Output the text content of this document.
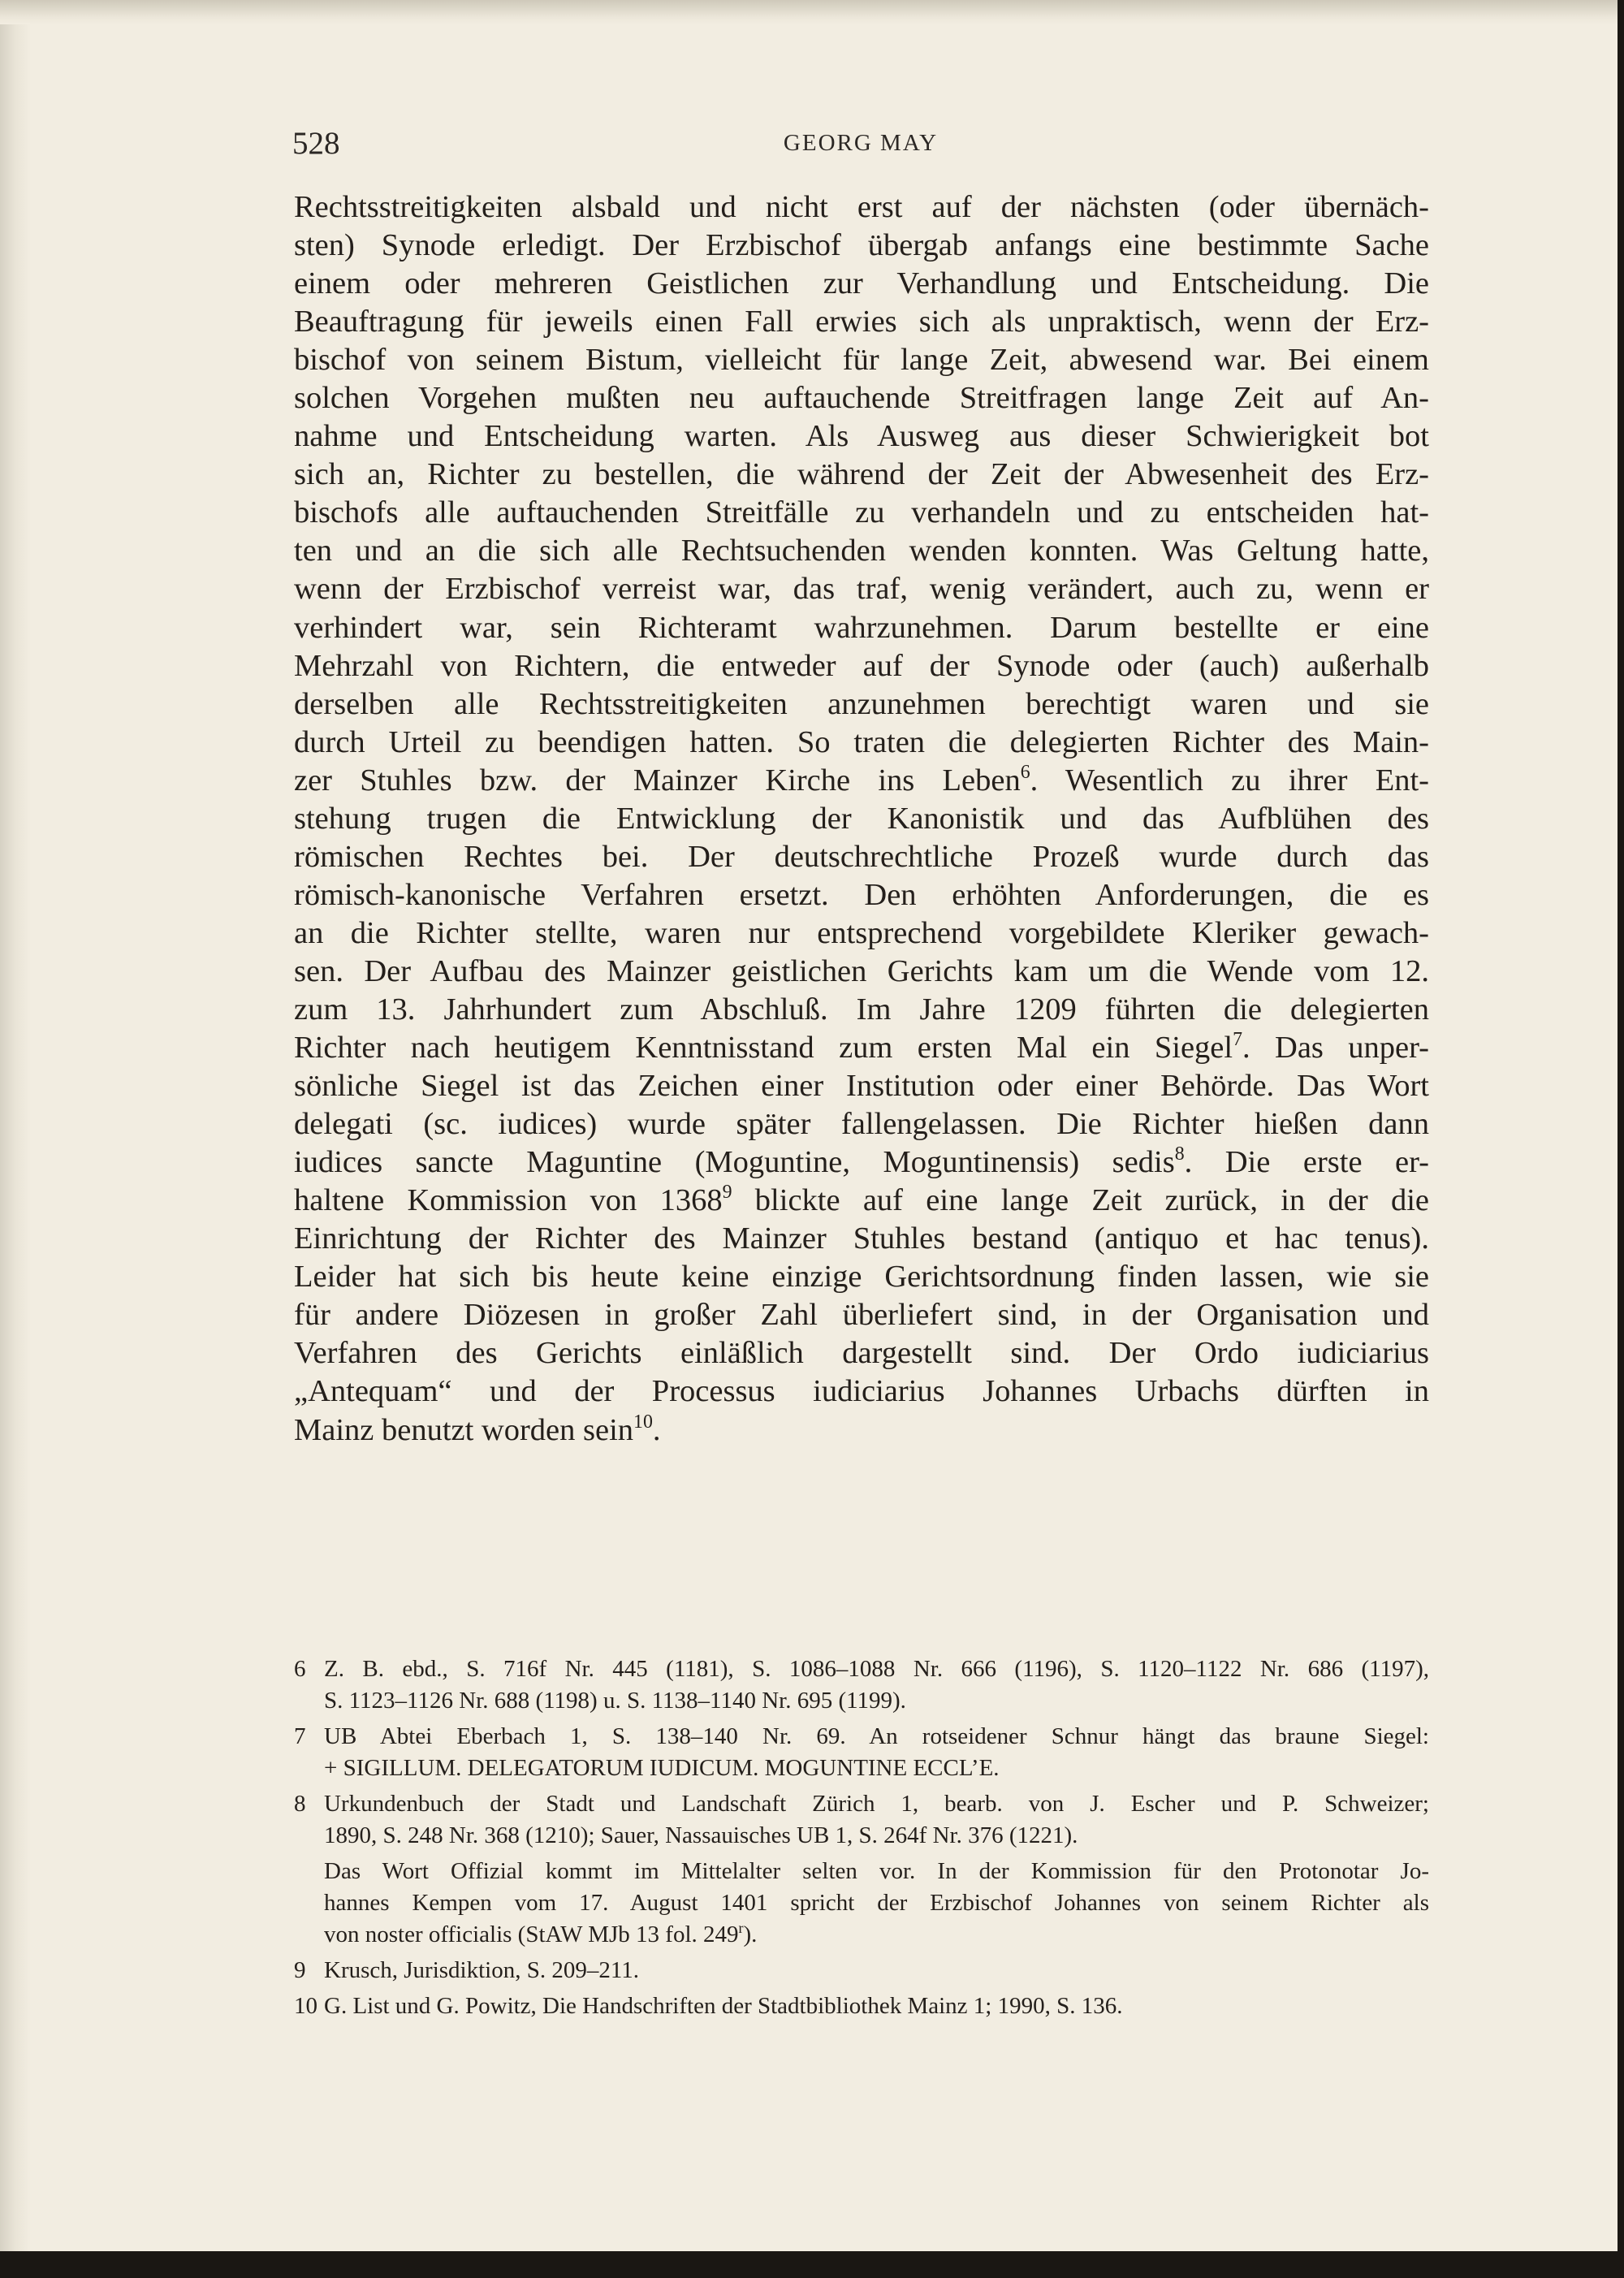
528	GEORG MAY
Rechtsstreitigkeiten alsbald und nicht erst auf der nächsten (oder übernäch-
sten) Synode erledigt. Der Erzbischof übergab anfangs eine bestimmte Sache
einem oder mehreren Geistlichen zur Verhandlung und Entscheidung. Die
Beauftragung für jeweils einen Fall erwies sich als unpraktisch, wenn der Erz-
bischof von seinem Bistum, vielleicht für lange Zeit, abwesend war. Bei einem
solchen Vorgehen mußten neu auftauchende Streitfragen lange Zeit auf An-
nahme und Entscheidung warten. Als Ausweg aus dieser Schwierigkeit bot
sich an, Richter zu bestellen, die während der Zeit der Abwesenheit des Erz-
bischofs alle auftauchenden Streitfälle zu verhandeln und zu entscheiden hat-
ten und an die sich alle Rechtsuchenden wenden konnten. Was Geltung hatte,
wenn der Erzbischof verreist war, das traf, wenig verändert, auch zu, wenn er
verhindert war, sein Richteramt wahrzunehmen. Darum bestellte er eine
Mehrzahl von Richtern, die entweder auf der Synode oder (auch) außerhalb
derselben alle Rechtsstreitigkeiten anzunehmen berechtigt waren und sie
durch Urteil zu beendigen hatten. So traten die delegierten Richter des Main-
zer Stuhles bzw. der Mainzer Kirche ins Leben$^6$. Wesentlich zu ihrer Ent-
stehung trugen die Entwicklung der Kanonistik und das Aufblühen des
römischen Rechtes bei. Der deutschrechtliche Prozeß wurde durch das
römisch-kanonische Verfahren ersetzt. Den erhöhten Anforderungen, die es
an die Richter stellte, waren nur entsprechend vorgebildete Kleriker gewach-
sen. Der Aufbau des Mainzer geistlichen Gerichts kam um die Wende vom 12.
zum 13. Jahrhundert zum Abschluß. Im Jahre 1209 führten die delegierten
Richter nach heutigem Kenntnisstand zum ersten Mal ein Siegel$^7$. Das unper-
sönliche Siegel ist das Zeichen einer Institution oder einer Behörde. Das Wort
delegati (sc. iudices) wurde später fallengelassen. Die Richter hießen dann
iudices sancte Maguntine (Moguntine, Moguntinensis) sedis$^8$. Die erste er-
haltene Kommission von 1368$^9$ blickte auf eine lange Zeit zurück, in der die
Einrichtung der Richter des Mainzer Stuhles bestand (antiquo et hac tenus).
Leider hat sich bis heute keine einzige Gerichtsordnung finden lassen, wie sie
für andere Diözesen in großer Zahl überliefert sind, in der Organisation und
Verfahren des Gerichts einläßlich dargestellt sind. Der Ordo iudiciarius
„Antequam“ und der Processus iudiciarius Johannes Urbachs dürften in
Mainz benutzt worden sein$^{10}$.
6 Z. B. ebd., S. 716f Nr. 445 (1181), S. 1086–1088 Nr. 666 (1196), S. 1120–1122 Nr. 686 (1197),
S. 1123–1126 Nr. 688 (1198) u. S. 1138–1140 Nr. 695 (1199).
7 UB Abtei Eberbach 1, S. 138–140 Nr. 69. An rotseidener Schnur hängt das braune Siegel:
+ SIGILLUM. DELEGATORUM IUDICUM. MOGUNTINE ECCL’E.
8 Urkundenbuch der Stadt und Landschaft Zürich 1, bearb. von J. Escher und P. Schweizer;
1890, S. 248 Nr. 368 (1210); Sauer, Nassauisches UB 1, S. 264f Nr. 376 (1221).
Das Wort Offizial kommt im Mittelalter selten vor. In der Kommission für den Protonotar Jo-
hannes Kempen vom 17. August 1401 spricht der Erzbischof Johannes von seinem Richter als
von noster officialis (StAW MJb 13 fol. 249$^r$).
9 Krusch, Jurisdiktion, S. 209–211.
10 G. List und G. Powitz, Die Handschriften der Stadtbibliothek Mainz 1; 1990, S. 136.
